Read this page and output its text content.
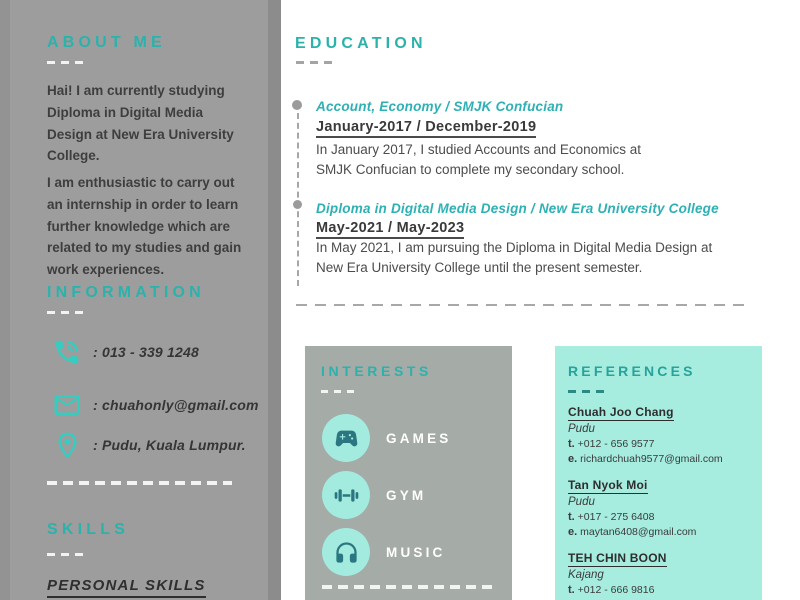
ABOUT ME
Hai! I am currently studying
Diploma in Digital Media
Design at New Era University
College.
I am enthusiastic to carry out
an internship in order to learn
further knowledge which are
related to my studies and gain
work experiences.
INFORMATION
: 013 - 339 1248
: chuahonly@gmail.com
: Pudu, Kuala Lumpur.
SKILLS
PERSONAL SKILLS
EDUCATION
Account, Economy / SMJK Confucian
January-2017 / December-2019
In January 2017, I studied Accounts and Economics at
SMJK Confucian to complete my secondary school.
Diploma in Digital Media Design / New Era University College
May-2021 / May-2023
In May 2021, I am pursuing the Diploma in Digital Media Design at
New Era University College until the present semester.
INTERESTS
GAMES
GYM
MUSIC
REFERENCES
Chuah Joo Chang
Pudu
t. +012 - 656 9577
e. richardchuah9577@gmail.com
Tan Nyok Moi
Pudu
t. +017 - 275 6408
e. maytan6408@gmail.com
TEH CHIN BOON
Kajang
t. +012 - 666 9816
